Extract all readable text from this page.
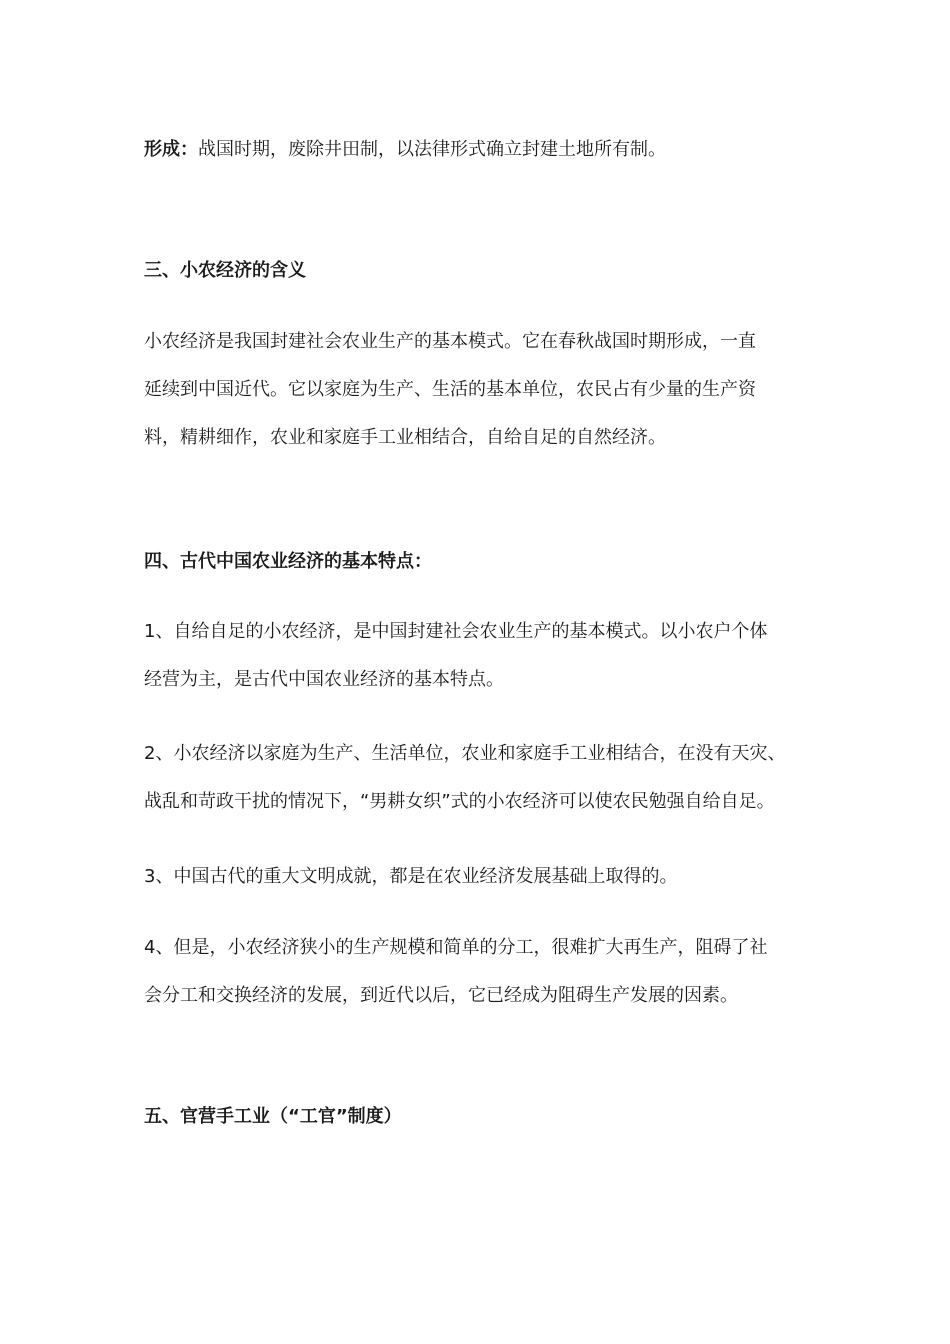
形成：战国时期，废除井田制，以法律形式确立封建土地所有制。
三、小农经济的含义
小农经济是我国封建社会农业生产的基本模式。它在春秋战国时期形成，一直
延续到中国近代。它以家庭为生产、生活的基本单位，农民占有少量的生产资
料，精耕细作，农业和家庭手工业相结合，自给自足的自然经济。
四、古代中国农业经济的基本特点：
1、自给自足的小农经济，是中国封建社会农业生产的基本模式。以小农户个体
经营为主，是古代中国农业经济的基本特点。
2、小农经济以家庭为生产、生活单位，农业和家庭手工业相结合，在没有天灾、
战乱和苛政干扰的情况下，“男耕女织”式的小农经济可以使农民勉强自给自足。
3、中国古代的重大文明成就，都是在农业经济发展基础上取得的。
4、但是，小农经济狭小的生产规模和简单的分工，很难扩大再生产，阻碍了社
会分工和交换经济的发展，到近代以后，它已经成为阻碍生产发展的因素。
五、官营手工业（“工官”制度）
